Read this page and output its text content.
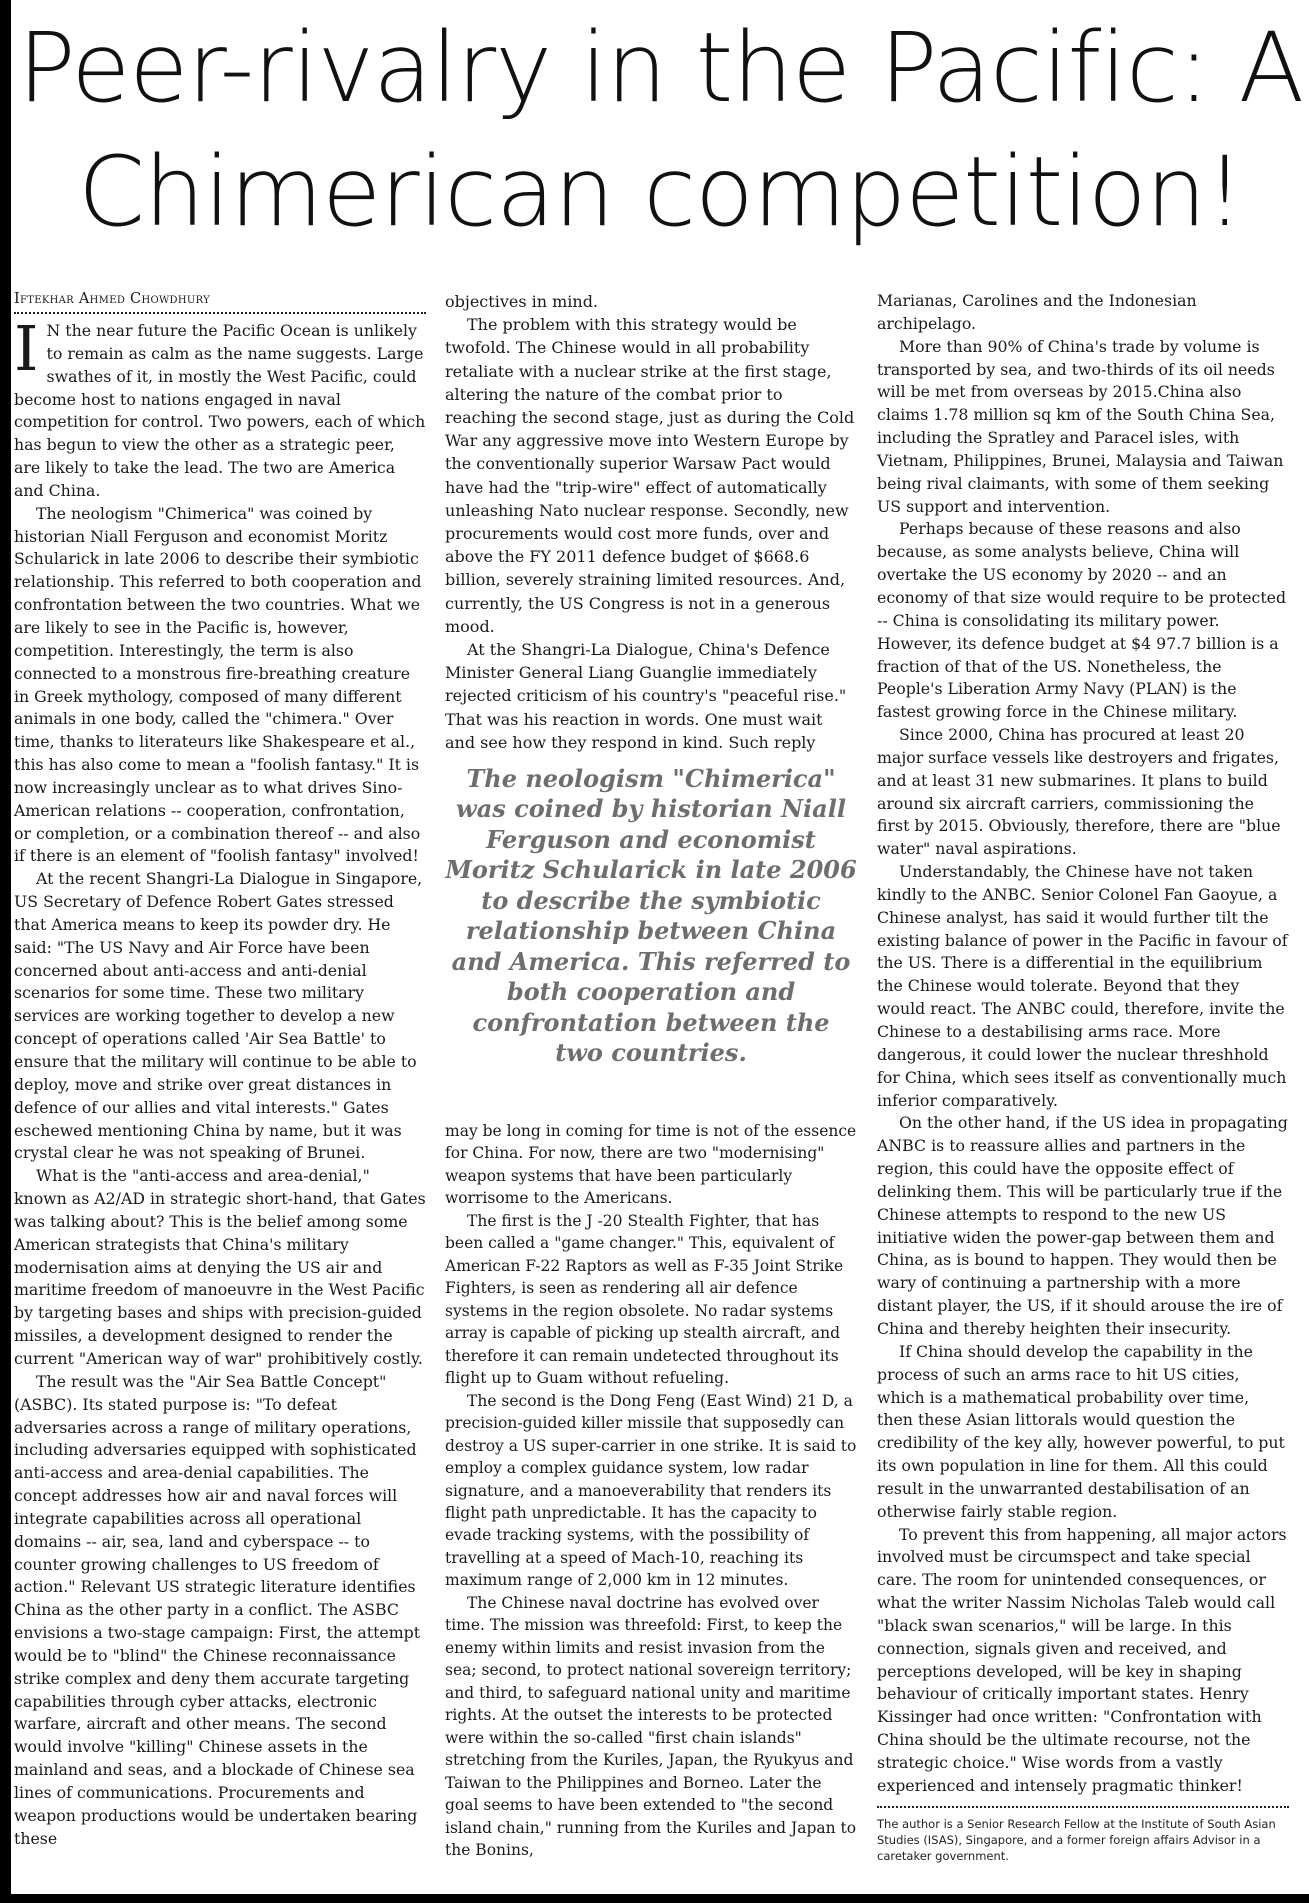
Peer-rivalry in the Pacific: A Chimerican competition!
Iftekhar Ahmed Chowdhury

I N the near future the Pacific Ocean is unlikely to remain as calm as the name suggests. Large swathes of it, in mostly the West Pacific, could become host to nations engaged in naval competition for control. Two powers, each of which has begun to view the other as a strategic peer, are likely to take the lead. The two are America and China.

The neologism "Chimerica" was coined by historian Niall Ferguson and economist Moritz Schularick in late 2006 to describe their symbiotic relationship. This referred to both cooperation and confrontation between the two countries. What we are likely to see in the Pacific is, however, competition. Interestingly, the term is also connected to a monstrous fire-breathing creature in Greek mythology, composed of many different animals in one body, called the "chimera." Over time, thanks to literateurs like Shakespeare et al., this has also come to mean a "foolish fantasy." It is now increasingly unclear as to what drives Sino-American relations -- cooperation, confrontation, or completion, or a combination thereof -- and also if there is an element of "foolish fantasy" involved!

At the recent Shangri-La Dialogue in Singapore, US Secretary of Defence Robert Gates stressed that America means to keep its powder dry. He said: "The US Navy and Air Force have been concerned about anti-access and anti-denial scenarios for some time. These two military services are working together to develop a new concept of operations called 'Air Sea Battle' to ensure that the military will continue to be able to deploy, move and strike over great distances in defence of our allies and vital interests." Gates eschewed mentioning China by name, but it was crystal clear he was not speaking of Brunei.

What is the "anti-access and area-denial," known as A2/AD in strategic short-hand, that Gates was talking about? This is the belief among some American strategists that China's military modernisation aims at denying the US air and maritime freedom of manoeuvre in the West Pacific by targeting bases and ships with precision-guided missiles, a development designed to render the current "American way of war" prohibitively costly.

The result was the "Air Sea Battle Concept" (ASBC). Its stated purpose is: "To defeat adversaries across a range of military operations, including adversaries equipped with sophisticated anti-access and area-denial capabilities. The concept addresses how air and naval forces will integrate capabilities across all operational domains -- air, sea, land and cyberspace -- to counter growing challenges to US freedom of action." Relevant US strategic literature identifies China as the other party in a conflict. The ASBC envisions a two-stage campaign: First, the attempt would be to "blind" the Chinese reconnaissance strike complex and deny them accurate targeting capabilities through cyber attacks, electronic warfare, aircraft and other means. The second would involve "killing" Chinese assets in the mainland and seas, and a blockade of Chinese sea lines of communications. Procurements and weapon productions would be undertaken bearing these

objectives in mind.

The problem with this strategy would be twofold. The Chinese would in all probability retaliate with a nuclear strike at the first stage, altering the nature of the combat prior to reaching the second stage, just as during the Cold War any aggressive move into Western Europe by the conventionally superior Warsaw Pact would have had the "trip-wire" effect of automatically unleashing Nato nuclear response. Secondly, new procurements would cost more funds, over and above the FY 2011 defence budget of $668.6 billion, severely straining limited resources. And, currently, the US Congress is not in a generous mood.

At the Shangri-La Dialogue, China's Defence Minister General Liang Guanglie immediately rejected criticism of his country's "peaceful rise." That was his reaction in words. One must wait and see how they respond in kind. Such reply

The neologism "Chimerica" was coined by historian Niall Ferguson and economist Moritz Schularick in late 2006 to describe the symbiotic relationship between China and America. This referred to both cooperation and confrontation between the two countries.

may be long in coming for time is not of the essence for China. For now, there are two "modernising" weapon systems that have been particularly worrisome to the Americans.

The first is the J -20 Stealth Fighter, that has been called a "game changer." This, equivalent of American F-22 Raptors as well as F-35 Joint Strike Fighters, is seen as rendering all air defence systems in the region obsolete. No radar systems array is capable of picking up stealth aircraft, and therefore it can remain undetected throughout its flight up to Guam without refueling.

The second is the Dong Feng (East Wind) 21 D, a precision-guided killer missile that supposedly can destroy a US super-carrier in one strike. It is said to employ a complex guidance system, low radar signature, and a manoeverability that renders its flight path unpredictable. It has the capacity to evade tracking systems, with the possibility of travelling at a speed of Mach-10, reaching its maximum range of 2,000 km in 12 minutes.

The Chinese naval doctrine has evolved over time. The mission was threefold: First, to keep the enemy within limits and resist invasion from the sea; second, to protect national sovereign territory; and third, to safeguard national unity and maritime rights. At the outset the interests to be protected were within the so-called "first chain islands" stretching from the Kuriles, Japan, the Ryukyus and Taiwan to the Philippines and Borneo. Later the goal seems to have been extended to "the second island chain," running from the Kuriles and Japan to the Bonins,

Marianas, Carolines and the Indonesian archipelago.

More than 90% of China's trade by volume is transported by sea, and two-thirds of its oil needs will be met from overseas by 2015.China also claims 1.78 million sq km of the South China Sea, including the Spratley and Paracel isles, with Vietnam, Philippines, Brunei, Malaysia and Taiwan being rival claimants, with some of them seeking US support and intervention.

Perhaps because of these reasons and also because, as some analysts believe, China will overtake the US economy by 2020 -- and an economy of that size would require to be protected -- China is consolidating its military power. However, its defence budget at $4 97.7 billion is a fraction of that of the US. Nonetheless, the People's Liberation Army Navy (PLAN) is the fastest growing force in the Chinese military.

Since 2000, China has procured at least 20 major surface vessels like destroyers and frigates, and at least 31 new submarines. It plans to build around six aircraft carriers, commissioning the first by 2015. Obviously, therefore, there are "blue water" naval aspirations.

Understandably, the Chinese have not taken kindly to the ANBC. Senior Colonel Fan Gaoyue, a Chinese analyst, has said it would further tilt the existing balance of power in the Pacific in favour of the US. There is a differential in the equilibrium the Chinese would tolerate. Beyond that they would react. The ANBC could, therefore, invite the Chinese to a destabilising arms race. More dangerous, it could lower the nuclear threshhold for China, which sees itself as conventionally much inferior comparatively.

On the other hand, if the US idea in propagating ANBC is to reassure allies and partners in the region, this could have the opposite effect of delinking them. This will be particularly true if the Chinese attempts to respond to the new US initiative widen the power-gap between them and China, as is bound to happen. They would then be wary of continuing a partnership with a more distant player, the US, if it should arouse the ire of China and thereby heighten their insecurity.

If China should develop the capability in the process of such an arms race to hit US cities, which is a mathematical probability over time, then these Asian littorals would question the credibility of the key ally, however powerful, to put its own population in line for them. All this could result in the unwarranted destabilisation of an otherwise fairly stable region.

To prevent this from happening, all major actors involved must be circumspect and take special care. The room for unintended consequences, or what the writer Nassim Nicholas Taleb would call "black swan scenarios," will be large. In this connection, signals given and received, and perceptions developed, will be key in shaping behaviour of critically important states. Henry Kissinger had once written: "Confrontation with China should be the ultimate recourse, not the strategic choice." Wise words from a vastly experienced and intensely pragmatic thinker!

The author is a Senior Research Fellow at the Institute of South Asian Studies (ISAS), Singapore, and a former foreign affairs Advisor in a caretaker government.
